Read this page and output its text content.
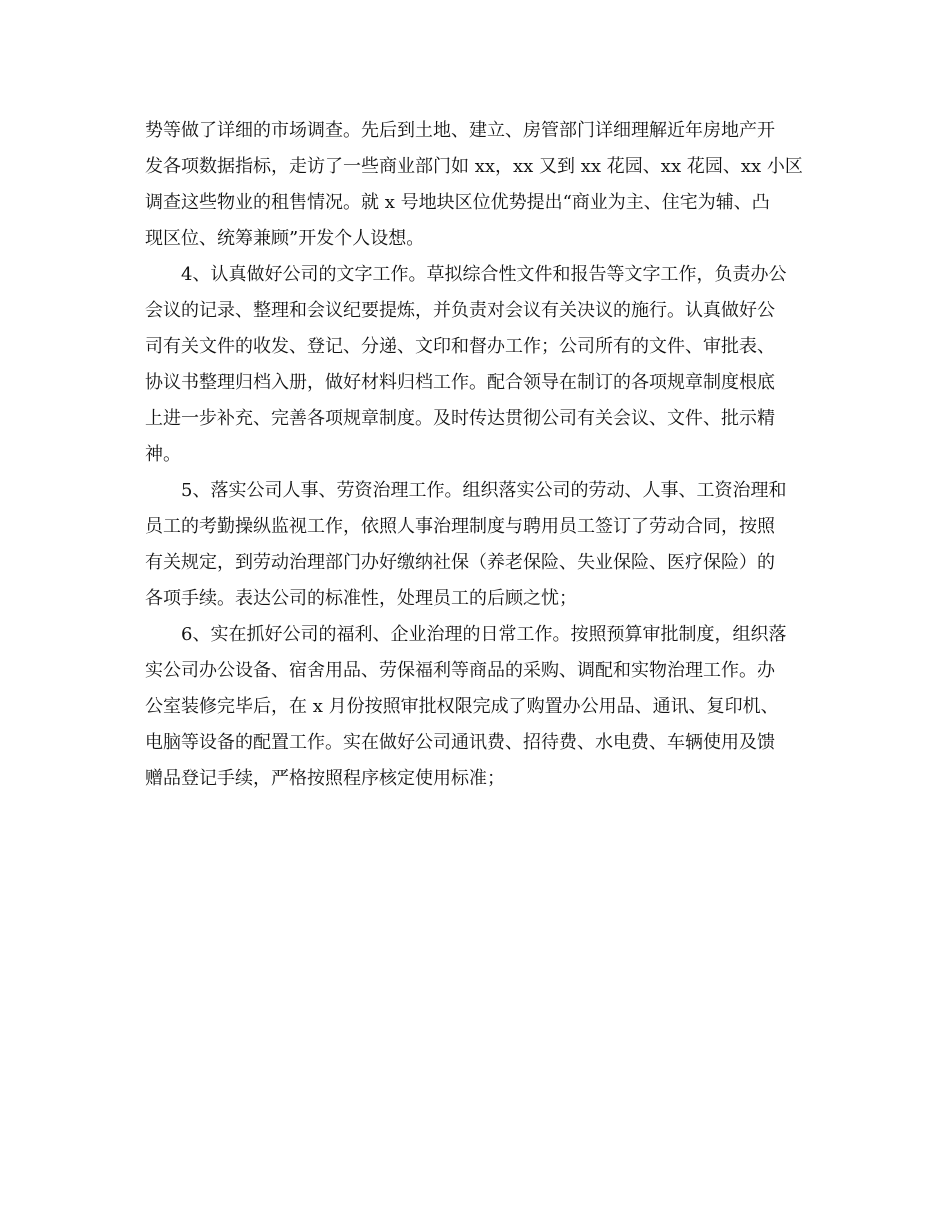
势等做了详细的市场调查。先后到土地、建立、房管部门详细理解近年房地产开
发各项数据指标，走访了一些商业部门如 xx，xx 又到 xx 花园、xx 花园、xx 小区
调查这些物业的租售情况。就 x 号地块区位优势提出“商业为主、住宅为辅、凸
现区位、统筹兼顾”开发个人设想。
4、认真做好公司的文字工作。草拟综合性文件和报告等文字工作，负责办公
会议的记录、整理和会议纪要提炼，并负责对会议有关决议的施行。认真做好公
司有关文件的收发、登记、分递、文印和督办工作；公司所有的文件、审批表、
协议书整理归档入册，做好材料归档工作。配合领导在制订的各项规章制度根底
上进一步补充、完善各项规章制度。及时传达贯彻公司有关会议、文件、批示精
神。
5、落实公司人事、劳资治理工作。组织落实公司的劳动、人事、工资治理和
员工的考勤操纵监视工作，依照人事治理制度与聘用员工签订了劳动合同，按照
有关规定，到劳动治理部门办好缴纳社保（养老保险、失业保险、医疗保险）的
各项手续。表达公司的标准性，处理员工的后顾之忧；
6、实在抓好公司的福利、企业治理的日常工作。按照预算审批制度，组织落
实公司办公设备、宿舍用品、劳保福利等商品的采购、调配和实物治理工作。办
公室装修完毕后，在 x 月份按照审批权限完成了购置办公用品、通讯、复印机、
电脑等设备的配置工作。实在做好公司通讯费、招待费、水电费、车辆使用及馈
赠品登记手续，严格按照程序核定使用标准；
